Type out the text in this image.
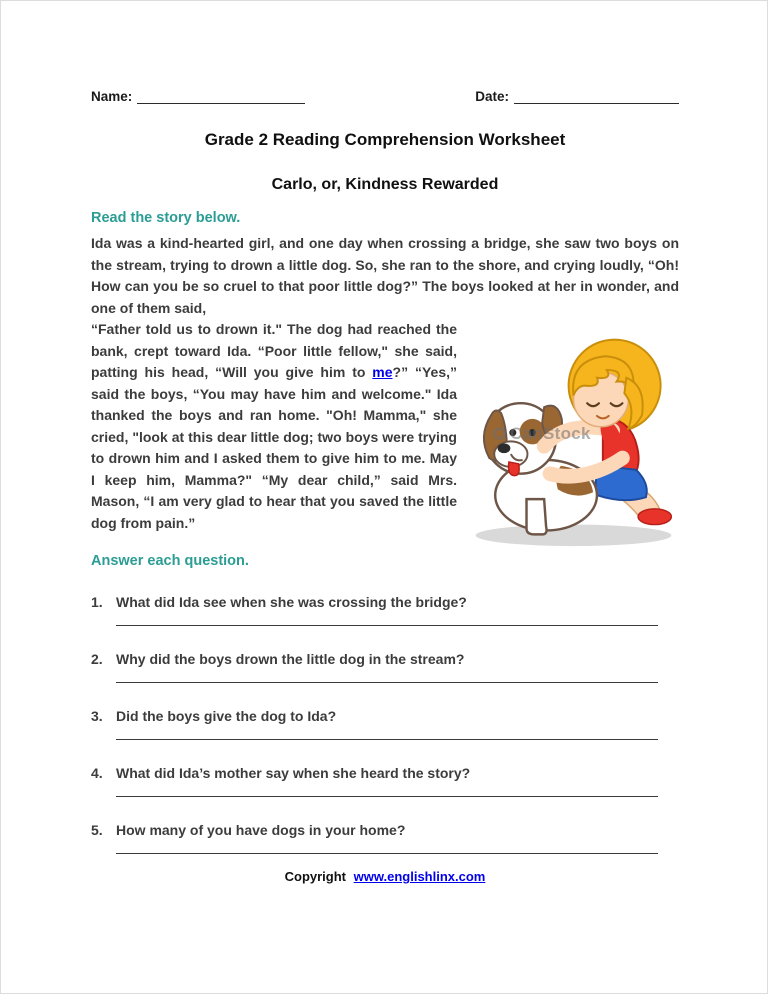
Name:	Date:
Grade 2 Reading Comprehension Worksheet
Carlo, or, Kindness Rewarded
Read the story below.

Ida was a kind-hearted girl, and one day when crossing a bridge, she saw two boys on the stream, trying to drown a little dog. So, she ran to the shore, and crying loudly, “Oh! How can you be so cruel to that poor little dog?” The boys looked at her in wonder, and one of them said,

CanStock
“Father told us to drown it." The dog had reached the bank, crept toward Ida. “Poor little fellow," she said, patting his head, “Will you give him to me?” “Yes,” said the boys, “You may have him and welcome." Ida thanked the boys and ran home. "Oh! Mamma," she cried, "look at this dear little dog; two boys were trying to drown him and I asked them to give him to me. May I keep him, Mamma?" “My dear child,” said Mrs. Mason, “I am very glad to hear that you saved the little dog from pain.”
Answer each question.
1. What did Ida see when she was crossing the bridge?
2. Why did the boys drown the little dog in the stream?
3. Did the boys give the dog to Ida?
4. What did Ida’s mother say when she heard the story?
5. How many of you have dogs in your home?
Copyright www.englishlinx.com
